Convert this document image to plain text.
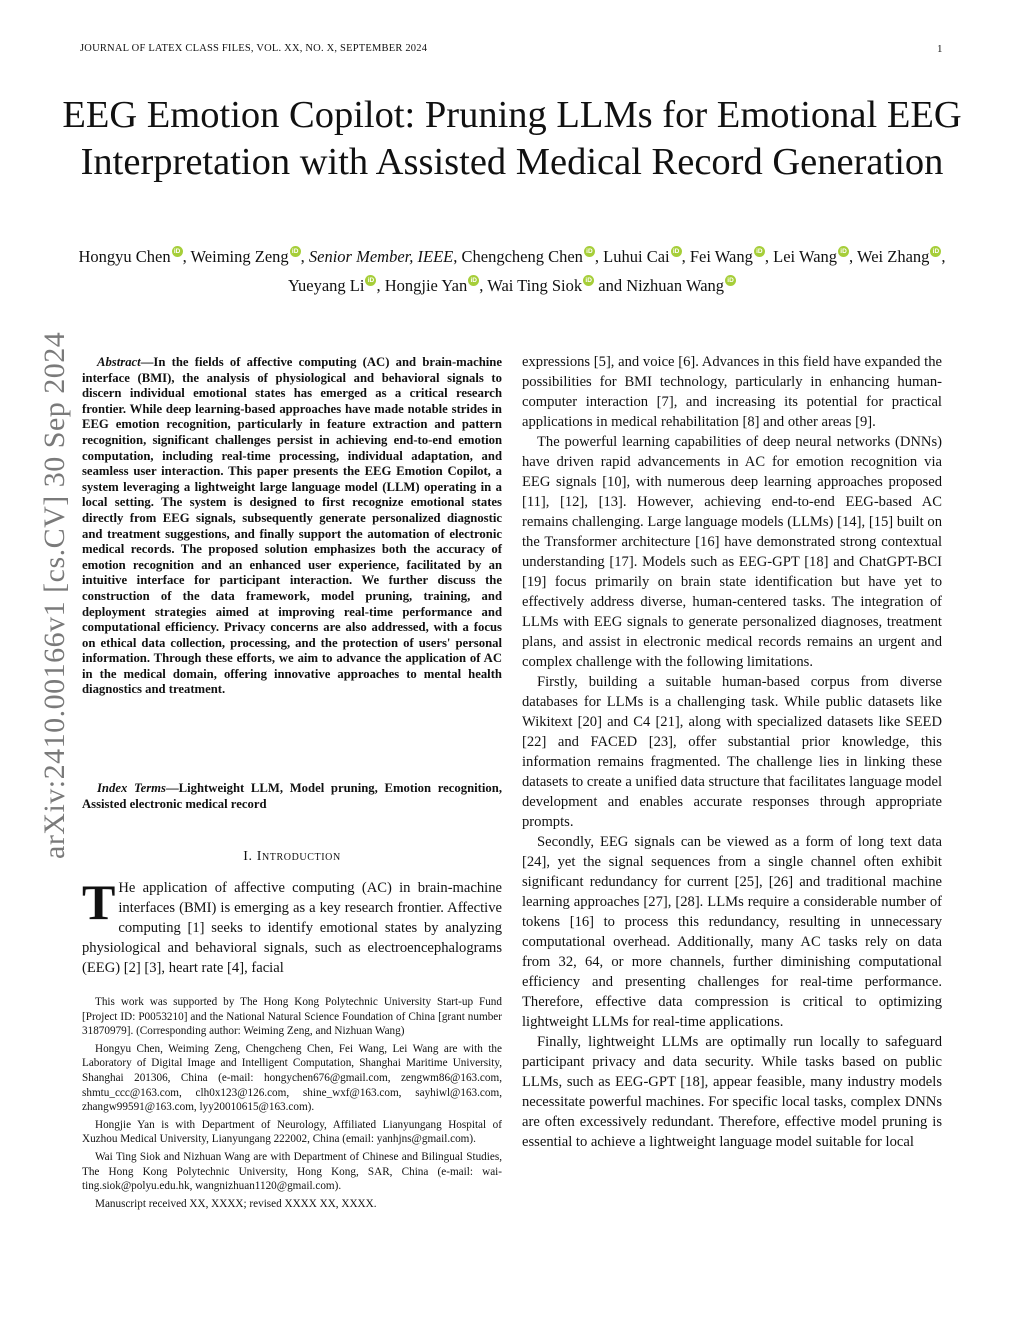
JOURNAL OF LATEX CLASS FILES, VOL. XX, NO. X, SEPTEMBER 2024	1
EEG Emotion Copilot: Pruning LLMs for Emotional EEG Interpretation with Assisted Medical Record Generation
Hongyu Chen iD , Weiming Zeng iD , Senior Member, IEEE, Chengcheng Chen iD , Luhui Cai iD , Fei Wang iD , Lei Wang iD , Wei Zhang iD , Yueyang Li iD , Hongjie Yan iD , Wai Ting Siok iD and Nizhuan Wang iD
arXiv:2410.00166v1 [cs.CV] 30 Sep 2024	Abstract—In the fields of affective computing (AC) and brain-machine interface (BMI), the analysis of physiological and behavioral signals to discern individual emotional states has emerged as a critical research frontier. While deep learning-based approaches have made notable strides in EEG emotion recognition, particularly in feature extraction and pattern recognition, significant challenges persist in achieving end-to-end emotion computation, including real-time processing, individual adaptation, and seamless user interaction. This paper presents the EEG Emotion Copilot, a system leveraging a lightweight large language model (LLM) operating in a local setting. The system is designed to first recognize emotional states directly from EEG signals, subsequently generate personalized diagnostic and treatment suggestions, and finally support the automation of electronic medical records. The proposed solution emphasizes both the accuracy of emotion recognition and an enhanced user experience, facilitated by an intuitive interface for participant interaction. We further discuss the construction of the data framework, model pruning, training, and deployment strategies aimed at improving real-time performance and computational efficiency. Privacy concerns are also addressed, with a focus on ethical data collection, processing, and the protection of users' personal information. Through these efforts, we aim to advance the application of AC in the medical domain, offering innovative approaches to mental health diagnostics and treatment.
Index Terms—Lightweight LLM, Model pruning, Emotion recognition, Assisted electronic medical record
I. Introduction

T He application of affective computing (AC) in brain-machine interfaces (BMI) is emerging as a key research frontier. Affective computing [1] seeks to identify emotional states by analyzing physiological and behavioral signals, such as electroencephalograms (EEG) [2] [3], heart rate [4], facial

This work was supported by The Hong Kong Polytechnic University Start-up Fund [Project ID: P0053210] and the National Natural Science Foundation of China [grant number 31870979]. (Corresponding author: Weiming Zeng, and Nizhuan Wang)

Hongyu Chen, Weiming Zeng, Chengcheng Chen, Fei Wang, Lei Wang are with the Laboratory of Digital Image and Intelligent Computation, Shanghai Maritime University, Shanghai 201306, China (e-mail: hongychen676@gmail.com, zengwm86@163.com, shmtu_ccc@163.com, clh0x123@126.com, shine_wxf@163.com, sayhiwl@163.com, zhangw99591@163.com, lyy20010615@163.com).

Hongjie Yan is with Department of Neurology, Affiliated Lianyungang Hospital of Xuzhou Medical University, Lianyungang 222002, China (email: yanhjns@gmail.com).

Wai Ting Siok and Nizhuan Wang are with Department of Chinese and Bilingual Studies, The Hong Kong Polytechnic University, Hong Kong, SAR, China (e-mail: wai-ting.siok@polyu.edu.hk, wangnizhuan1120@gmail.com).

Manuscript received XX, XXXX; revised XXXX XX, XXXX.

expressions [5], and voice [6]. Advances in this field have expanded the possibilities for BMI technology, particularly in enhancing human-computer interaction [7], and increasing its potential for practical applications in medical rehabilitation [8] and other areas [9].

The powerful learning capabilities of deep neural networks (DNNs) have driven rapid advancements in AC for emotion recognition via EEG signals [10], with numerous deep learning approaches proposed [11], [12], [13]. However, achieving end-to-end EEG-based AC remains challenging. Large language models (LLMs) [14], [15] built on the Transformer architecture [16] have demonstrated strong contextual understanding [17]. Models such as EEG-GPT [18] and ChatGPT-BCI [19] focus primarily on brain state identification but have yet to effectively address diverse, human-centered tasks. The integration of LLMs with EEG signals to generate personalized diagnoses, treatment plans, and assist in electronic medical records remains an urgent and complex challenge with the following limitations.

Firstly, building a suitable human-based corpus from diverse databases for LLMs is a challenging task. While public datasets like Wikitext [20] and C4 [21], along with specialized datasets like SEED [22] and FACED [23], offer substantial prior knowledge, this information remains fragmented. The challenge lies in linking these datasets to create a unified data structure that facilitates language model development and enables accurate responses through appropriate prompts.

Secondly, EEG signals can be viewed as a form of long text data [24], yet the signal sequences from a single channel often exhibit significant redundancy for current [25], [26] and traditional machine learning approaches [27], [28]. LLMs require a considerable number of tokens [16] to process this redundancy, resulting in unnecessary computational overhead. Additionally, many AC tasks rely on data from 32, 64, or more channels, further diminishing computational efficiency and presenting challenges for real-time performance. Therefore, effective data compression is critical to optimizing lightweight LLMs for real-time applications.

Finally, lightweight LLMs are optimally run locally to safeguard participant privacy and data security. While tasks based on public LLMs, such as EEG-GPT [18], appear feasible, many industry models necessitate powerful machines. For specific local tasks, complex DNNs are often excessively redundant. Therefore, effective model pruning is essential to achieve a lightweight language model suitable for local
